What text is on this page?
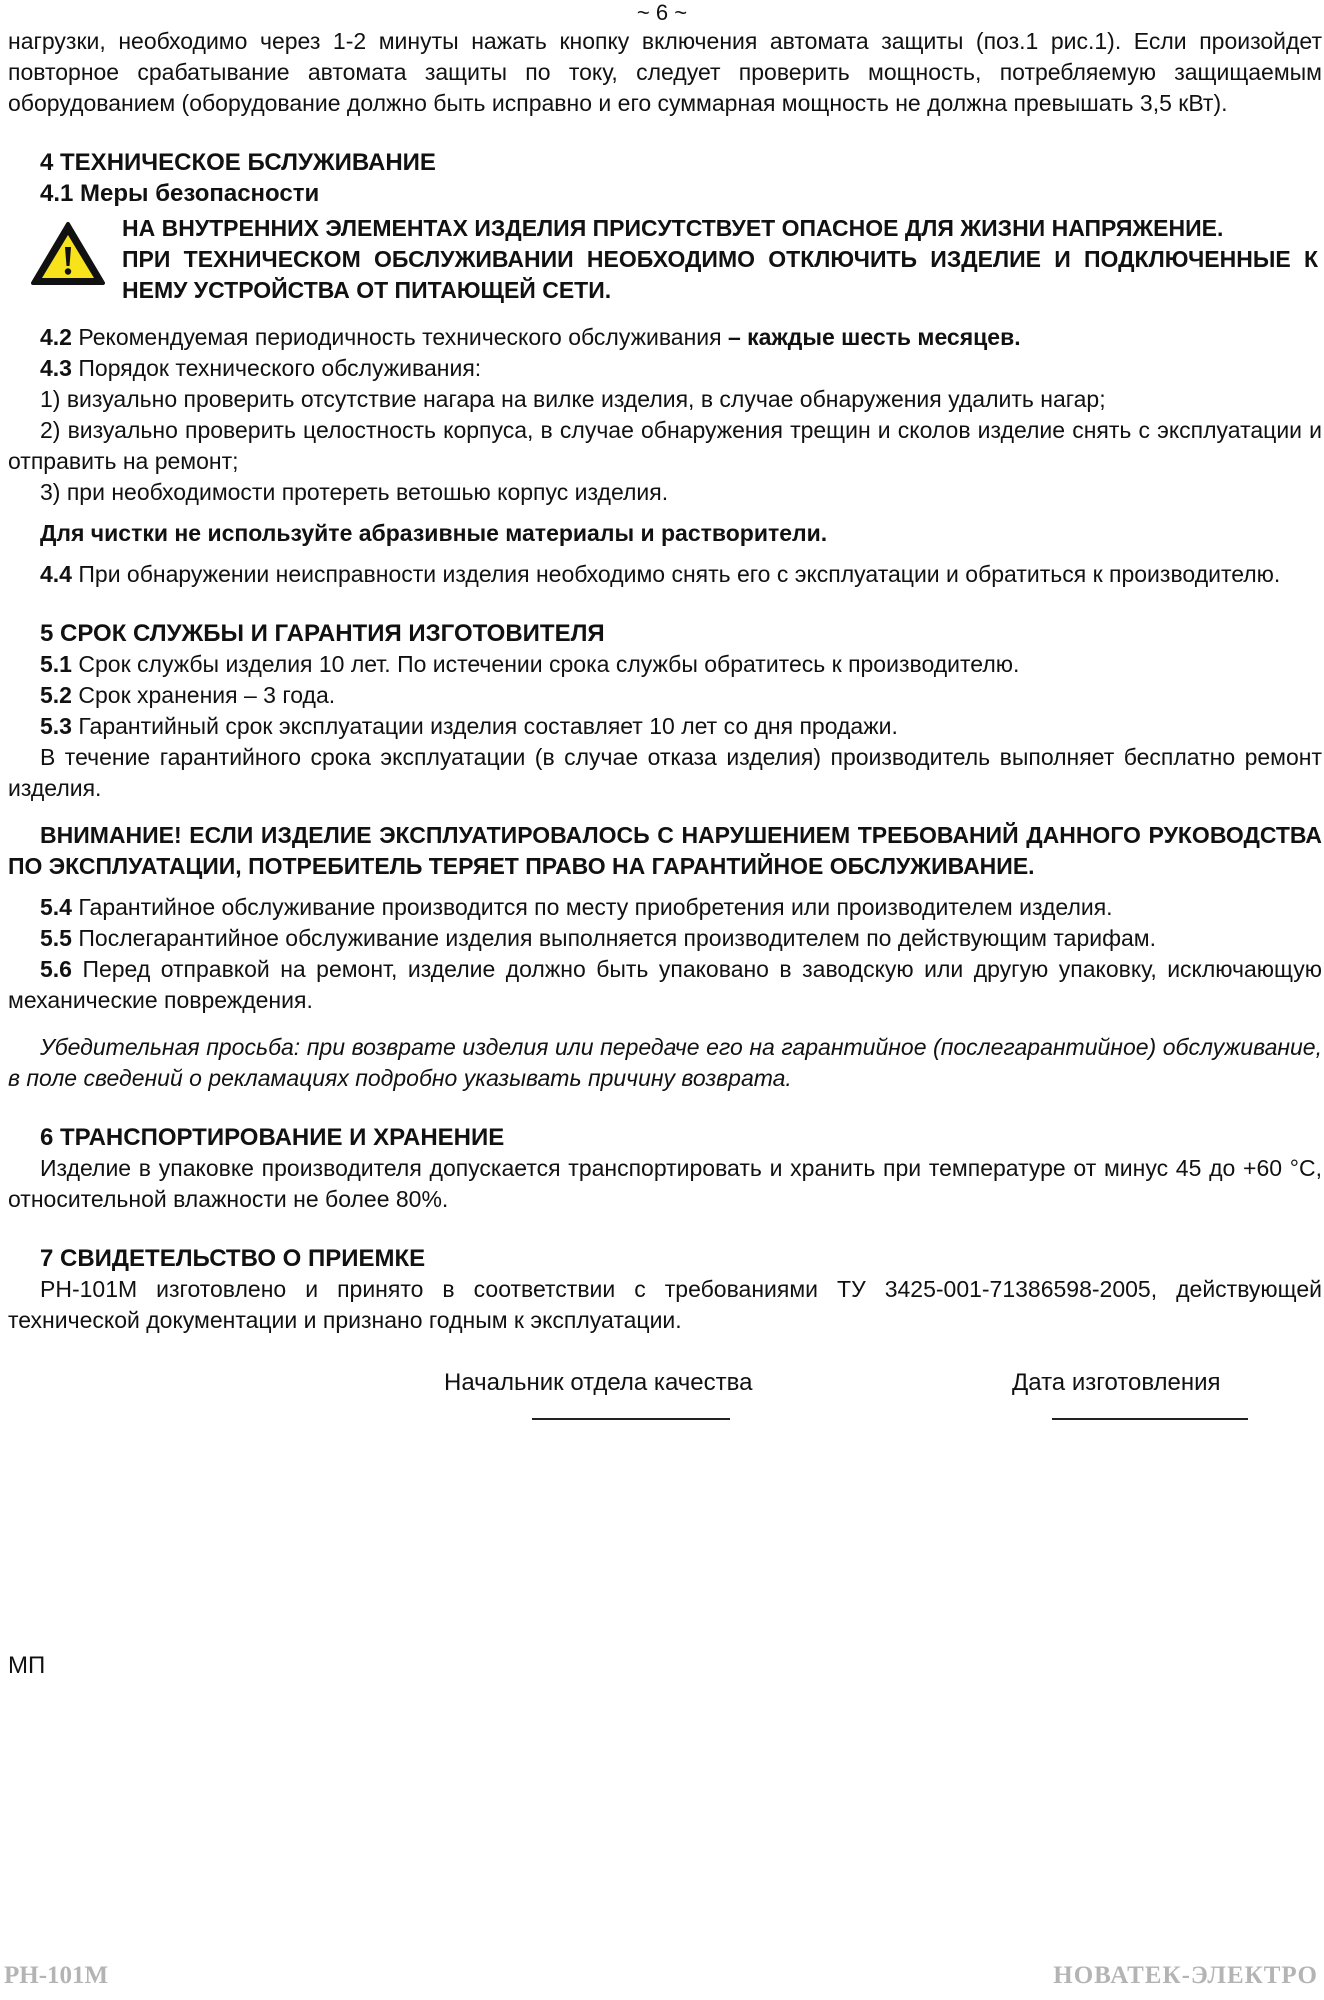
~ 6 ~

нагрузки, необходимо через 1-2 минуты нажать кнопку включения автомата защиты (поз.1 рис.1). Если произойдет повторное срабатывание автомата защиты по току, следует проверить мощность, потребляемую защищаемым оборудованием (оборудование должно быть исправно и его суммарная мощность не должна превышать 3,5 кВт).

4 ТЕХНИЧЕСКОЕ БСЛУЖИВАНИЕ
4.1 Меры безопасности

НА ВНУТРЕННИХ ЭЛЕМЕНТАХ ИЗДЕЛИЯ ПРИСУТСТВУЕТ ОПАСНОЕ ДЛЯ ЖИЗНИ НАПРЯЖЕНИЕ.

ПРИ ТЕХНИЧЕСКОМ ОБСЛУЖИВАНИИ НЕОБХОДИМО ОТКЛЮЧИТЬ ИЗДЕЛИЕ И ПОДКЛЮЧЕННЫЕ К НЕМУ УСТРОЙСТВА ОТ ПИТАЮЩЕЙ СЕТИ.

4.2 Рекомендуемая периодичность технического обслуживания – каждые шесть месяцев.

4.3 Порядок технического обслуживания:

1) визуально проверить отсутствие нагара на вилке изделия, в случае обнаружения удалить нагар;

2) визуально проверить целостность корпуса, в случае обнаружения трещин и сколов изделие снять с эксплуатации и отправить на ремонт;

3) при необходимости протереть ветошью корпус изделия.

Для чистки не используйте абразивные материалы и растворители.

4.4 При обнаружении неисправности изделия необходимо снять его с эксплуатации и обратиться к производителю.

5 СРОК СЛУЖБЫ И ГАРАНТИЯ ИЗГОТОВИТЕЛЯ

5.1 Срок службы изделия 10 лет. По истечении срока службы обратитесь к производителю.

5.2 Срок хранения – 3 года.

5.3 Гарантийный срок эксплуатации изделия составляет 10 лет со дня продажи.

В течение гарантийного срока эксплуатации (в случае отказа изделия) производитель выполняет бесплатно ремонт изделия.

ВНИМАНИЕ! ЕСЛИ ИЗДЕЛИЕ ЭКСПЛУАТИРОВАЛОСЬ С НАРУШЕНИЕМ ТРЕБОВАНИЙ ДАННОГО РУКОВОДСТВА ПО ЭКСПЛУАТАЦИИ, ПОТРЕБИТЕЛЬ ТЕРЯЕТ ПРАВО НА ГАРАНТИЙНОЕ ОБСЛУЖИВАНИЕ.

5.4 Гарантийное обслуживание производится по месту приобретения или производителем изделия.

5.5 Послегарантийное обслуживание изделия выполняется производителем по действующим тарифам.

5.6 Перед отправкой на ремонт, изделие должно быть упаковано в заводскую или другую упаковку, исключающую механические повреждения.

Убедительная просьба: при возврате изделия или передаче его на гарантийное (послегарантийное) обслуживание, в поле сведений о рекламациях подробно указывать причину возврата.

6 ТРАНСПОРТИРОВАНИЕ И ХРАНЕНИЕ

Изделие в упаковке производителя допускается транспортировать и хранить при температуре от минус 45 до +60 °С, относительной влажности не более 80%.

7 СВИДЕТЕЛЬСТВО О ПРИЕМКЕ

РН-101М изготовлено и принято в соответствии с требованиями ТУ 3425-001-71386598-2005, действующей технической документации и признано годным к эксплуатации.

Начальник отдела качества	Дата изготовления
МП
РН-101М	НОВАТЕК-ЭЛЕКТРО
